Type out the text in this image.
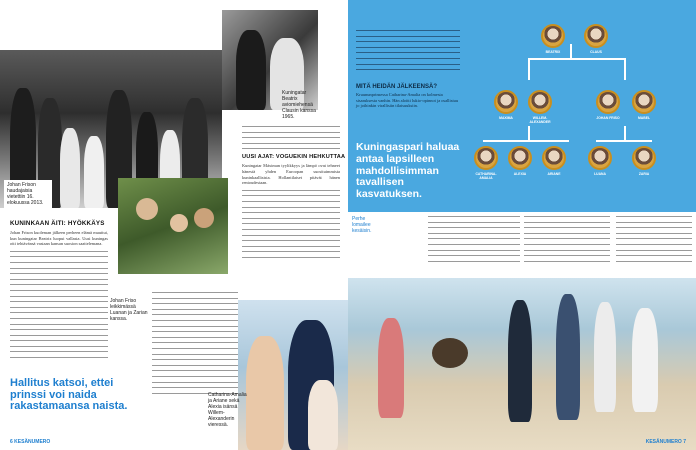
Johan Frison haudajaisia vietettiin 16. elokuussa 2013.
Kuningatar Beatrix aviomiehensä Clausin kanssa 1965.
KUNINKAAN ÄITI: HYÖKKÄYS
Johan Frison kuoleman jälkeen perheen elämä muuttui, kun kuningatar Beatrix luopui vallasta. Uusi kuningas otti tehtävänsä vastaan kansan suosion saattelemana.
Johan Friso leikkimässä Luanan ja Zarian kanssa.
UUSI AJAT: VOGUEKIN HEHKUTTAA
Kuningatar Máximan tyylikkyys ja lämpö ovat tehneet hänestä yhden Euroopan suosituimmista kuninkaallisista. Hollantilaiset pitävät hänen rentoudestaan.
Hallitus katsoi, ettei prinssi voi naida rakastamaansa naista.
Catharina-Amalia ja Ariane sekä Alexia isänsä Willem-Alexanderin vieressä.
6 KESÄNUMERO
BEATRIX	CLAUS
MAXIMA	WILLEM-ALEXANDER
JOHAN FRISO	MABEL
CATHARINA-AMALIA
ALEXIA	ARIANE	LUANA	ZARIA
MITÄ HEIDÄN JÄLKEENSÄ?
Kruununprinsessa Catharina-Amalia on kolmesta sisaruksesta vanhin. Hän aloitti lukio-opinnot ja osallistuu jo joihinkin virallisiin tilaisuuksiin.
Kuningaspari haluaa antaa lapsilleen mahdollisimman tavallisen kasvatuksen.
Perhe lomailee kesäisin.
KESÄNUMERO 7
